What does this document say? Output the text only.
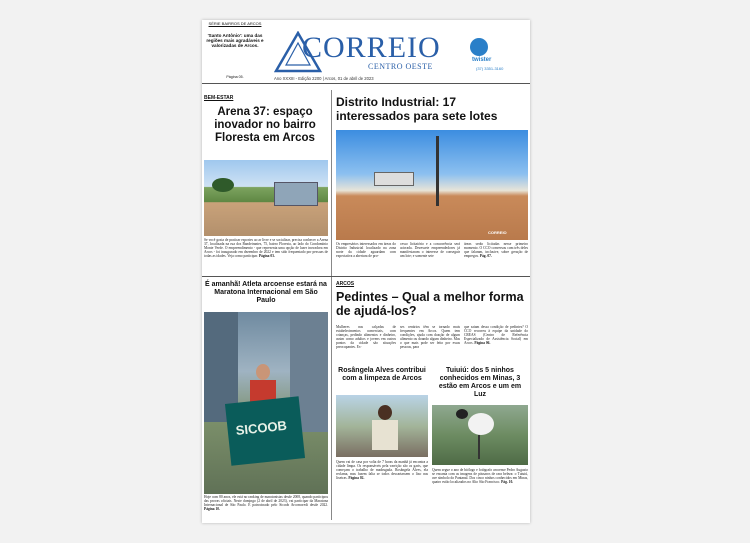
SÉRIE BAIRROS DE ARCOS
'Santo Antônio': uma das regiões mais agradáveis e valorizadas de Arcos.
Página 05.
CORREIO
CENTRO OESTE
twister
(37) 3351-3160
Ano XXXIII - Edição 2200 | Arcos, 01 de abril de 2023
BEM-ESTAR
Arena 37: espaço inovador no bairro Floresta em Arcos
Se você gosta de praticar esportes ao ar livre e se socializar, precisa conhecer a Arena 37, localizada na rua dos Bandeirantes, 75, bairro Floresta, ao lado do Condomínio Monte Verde. O empreendimento - que representa uma opção de lazer inovadora em Arcos - foi inaugurado em dezembro de 2022 e tem sido frequentado por pessoas de todas as idades. Veja como participar. Página 03.
Distrito Industrial: 17 interessados para sete lotes
CORREIO
Os empresários interessados em áreas do Distrito Industrial localizado na zona norte da cidade aguardam com expectativa a abertura de pro-
cesso licitatório e a concorrência será acirrada. Dezessete empreendedores já manifestaram o interesse de conseguir um lote; e somente sete
áreas serão licitadas nesse primeiro momento. O CCO conversou com três deles que falaram, inclusive, sobre geração de empregos. Pág. 07.
É amanhã! Atleta arcoense estará na Maratona Internacional em São Paulo
SICOOB
ARCOS
Pedintes – Qual a melhor forma de ajudá-los?
Mulheres nas calçadas de estabelecimentos comerciais, com crianças, pedindo alimentos e dinheiro, assim como adultos e jovens em outros pontos da cidade são situações preocupantes. Es-
ses cenários têm se tornado mais frequentes em Arcos. Quem tem condições, ajuda com doação de algum alimento ou doando algum dinheiro. Mas o que mais pode ser feito por essas pessoas, para
que saiam dessa condição de pedintes? O CCO recorreu à equipe da unidade do CREAS (Centro de Referência Especializado de Assistência Social) em Arcos. Página 06.
Rosângela Alves contribui com a limpeza de Arcos
Quem vai de casa por volta de 7 horas da manhã já encontra a cidade limpa. Os responsáveis pela varrição são os garis, que começam o trabalho de madrugada. Rosângela Alves, ela reclama, mas fazem falta se todos descartassem o lixo nas lixeiras. Página 02.
Tuiuiú: dos 5 ninhos conhecidos em Minas, 3 estão em Arcos e um em Luz
Quem segue o ano de biólogo e fotógrafo arcoense Pedro Augusto se encanta com as imagens de pássaros de rara beleza: o Tuiuiú, ave símbolo do Pantanal. Dos cinco ninhos conhecidos em Minas, quatro estão localizados no Alto São Francisco. Pág. 10.
Hoje com 80 anos, ele está no ranking de maratonistas desde 2008, quando participou das provas oficiais. Neste domingo (2 de abril de 2023), vai participar da Maratona Internacional de São Paulo. É patrocinado pelo Sicoob Arcomcredi desde 2022. Página 10.
